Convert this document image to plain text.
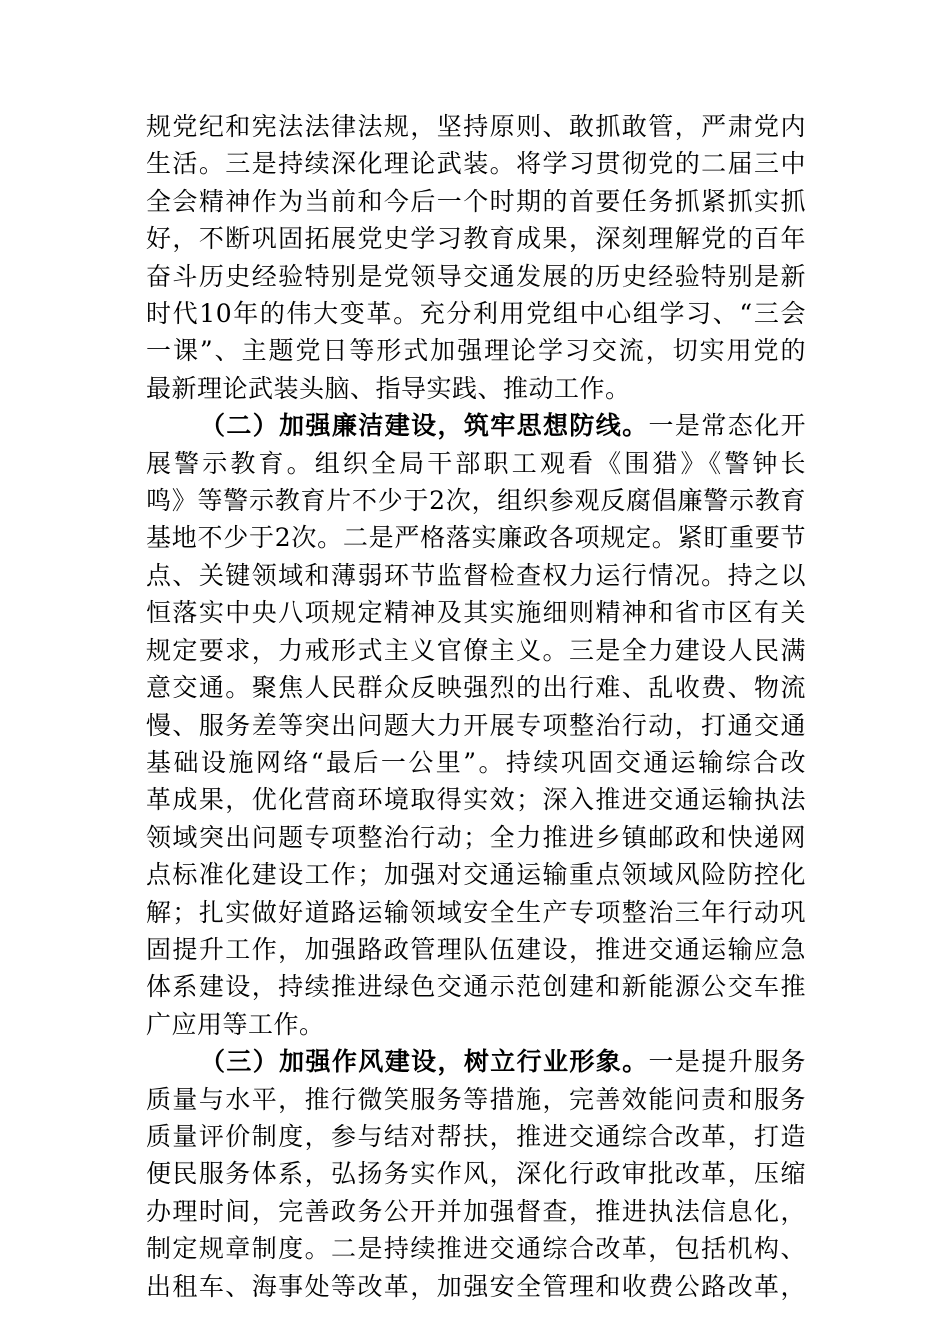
规党纪和宪法法律法规，坚持原则、敢抓敢管，严肃党内
生活。三是持续深化理论武装。将学习贯彻党的二届三中
全会精神作为当前和今后一个时期的首要任务抓紧抓实抓
好，不断巩固拓展党史学习教育成果，深刻理解党的百年
奋斗历史经验特别是党领导交通发展的历史经验特别是新
时代10年的伟大变革。充分利用党组中心组学习、“三会
一课”、主题党日等形式加强理论学习交流，切实用党的
最新理论武装头脑、指导实践、推动工作。
（二）加强廉洁建设，筑牢思想防线。一是常态化开
展警示教育。组织全局干部职工观看《围猎》《警钟长
鸣》等警示教育片不少于2次，组织参观反腐倡廉警示教育
基地不少于2次。二是严格落实廉政各项规定。紧盯重要节
点、关键领域和薄弱环节监督检查权力运行情况。持之以
恒落实中央八项规定精神及其实施细则精神和省市区有关
规定要求，力戒形式主义官僚主义。三是全力建设人民满
意交通。聚焦人民群众反映强烈的出行难、乱收费、物流
慢、服务差等突出问题大力开展专项整治行动，打通交通
基础设施网络“最后一公里”。持续巩固交通运输综合改
革成果，优化营商环境取得实效；深入推进交通运输执法
领域突出问题专项整治行动；全力推进乡镇邮政和快递网
点标准化建设工作；加强对交通运输重点领域风险防控化
解；扎实做好道路运输领域安全生产专项整治三年行动巩
固提升工作，加强路政管理队伍建设，推进交通运输应急
体系建设，持续推进绿色交通示范创建和新能源公交车推
广应用等工作。
（三）加强作风建设，树立行业形象。一是提升服务
质量与水平，推行微笑服务等措施，完善效能问责和服务
质量评价制度，参与结对帮扶，推进交通综合改革，打造
便民服务体系，弘扬务实作风，深化行政审批改革，压缩
办理时间，完善政务公开并加强督查，推进执法信息化，
制定规章制度。二是持续推进交通综合改革，包括机构、
出租车、海事处等改革，加强安全管理和收费公路改革，
